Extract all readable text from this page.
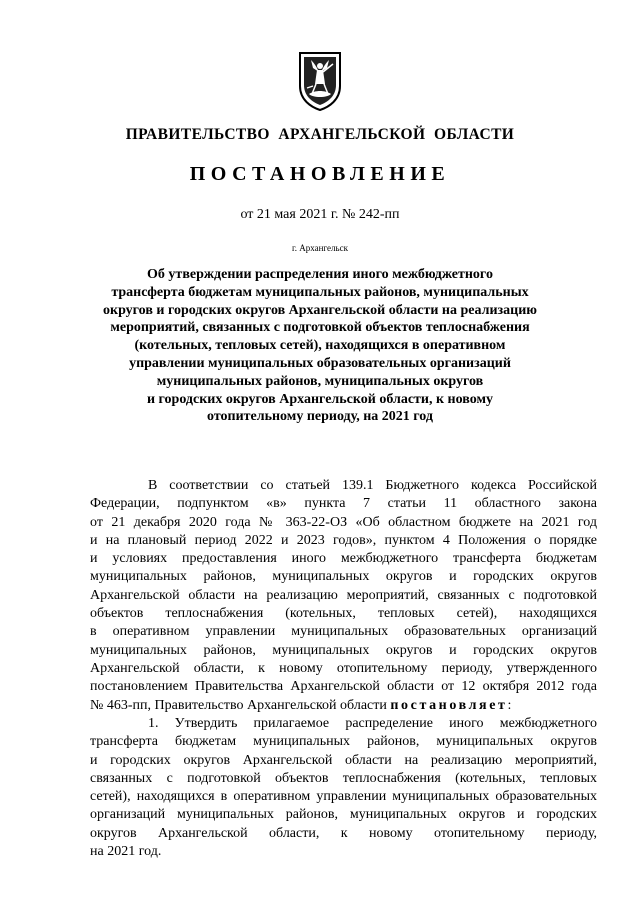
ПРАВИТЕЛЬСТВО  АРХАНГЕЛЬСКОЙ  ОБЛАСТИ
ПОСТАНОВЛЕНИЕ
от 21 мая 2021 г. № 242-пп
г. Архангельск
Об утверждении распределения иного межбюджетного
трансферта бюджетам муниципальных районов, муниципальных
округов и городских округов Архангельской области на реализацию
мероприятий, связанных с подготовкой объектов теплоснабжения
(котельных, тепловых сетей), находящихся в оперативном
управлении муниципальных образовательных организаций
муниципальных районов, муниципальных округов
и городских округов Архангельской области, к новому
отопительному периоду, на 2021 год
В соответствии со статьей 139.1 Бюджетного кодекса Российской
Федерации, подпунктом «в» пункта 7 статьи 11 областного закона
от 21 декабря 2020 года № 363-22-ОЗ «Об областном бюджете на 2021 год
и на плановый период 2022 и 2023 годов», пунктом 4 Положения о порядке
и условиях предоставления иного межбюджетного трансферта бюджетам
муниципальных районов, муниципальных округов и городских округов
Архангельской области на реализацию мероприятий, связанных с подготовкой
объектов теплоснабжения (котельных, тепловых сетей), находящихся
в оперативном управлении муниципальных образовательных организаций
муниципальных районов, муниципальных округов и городских округов
Архангельской области, к новому отопительному периоду, утвержденного
постановлением Правительства Архангельской области от 12 октября 2012 года
№ 463-пп, Правительство Архангельской области постановляет:
1. Утвердить прилагаемое распределение иного межбюджетного
трансферта бюджетам муниципальных районов, муниципальных округов
и городских округов Архангельской области на реализацию мероприятий,
связанных с подготовкой объектов теплоснабжения (котельных, тепловых
сетей), находящихся в оперативном управлении муниципальных образовательных
организаций муниципальных районов, муниципальных округов и городских
округов Архангельской области, к новому отопительному периоду,
на 2021 год.
